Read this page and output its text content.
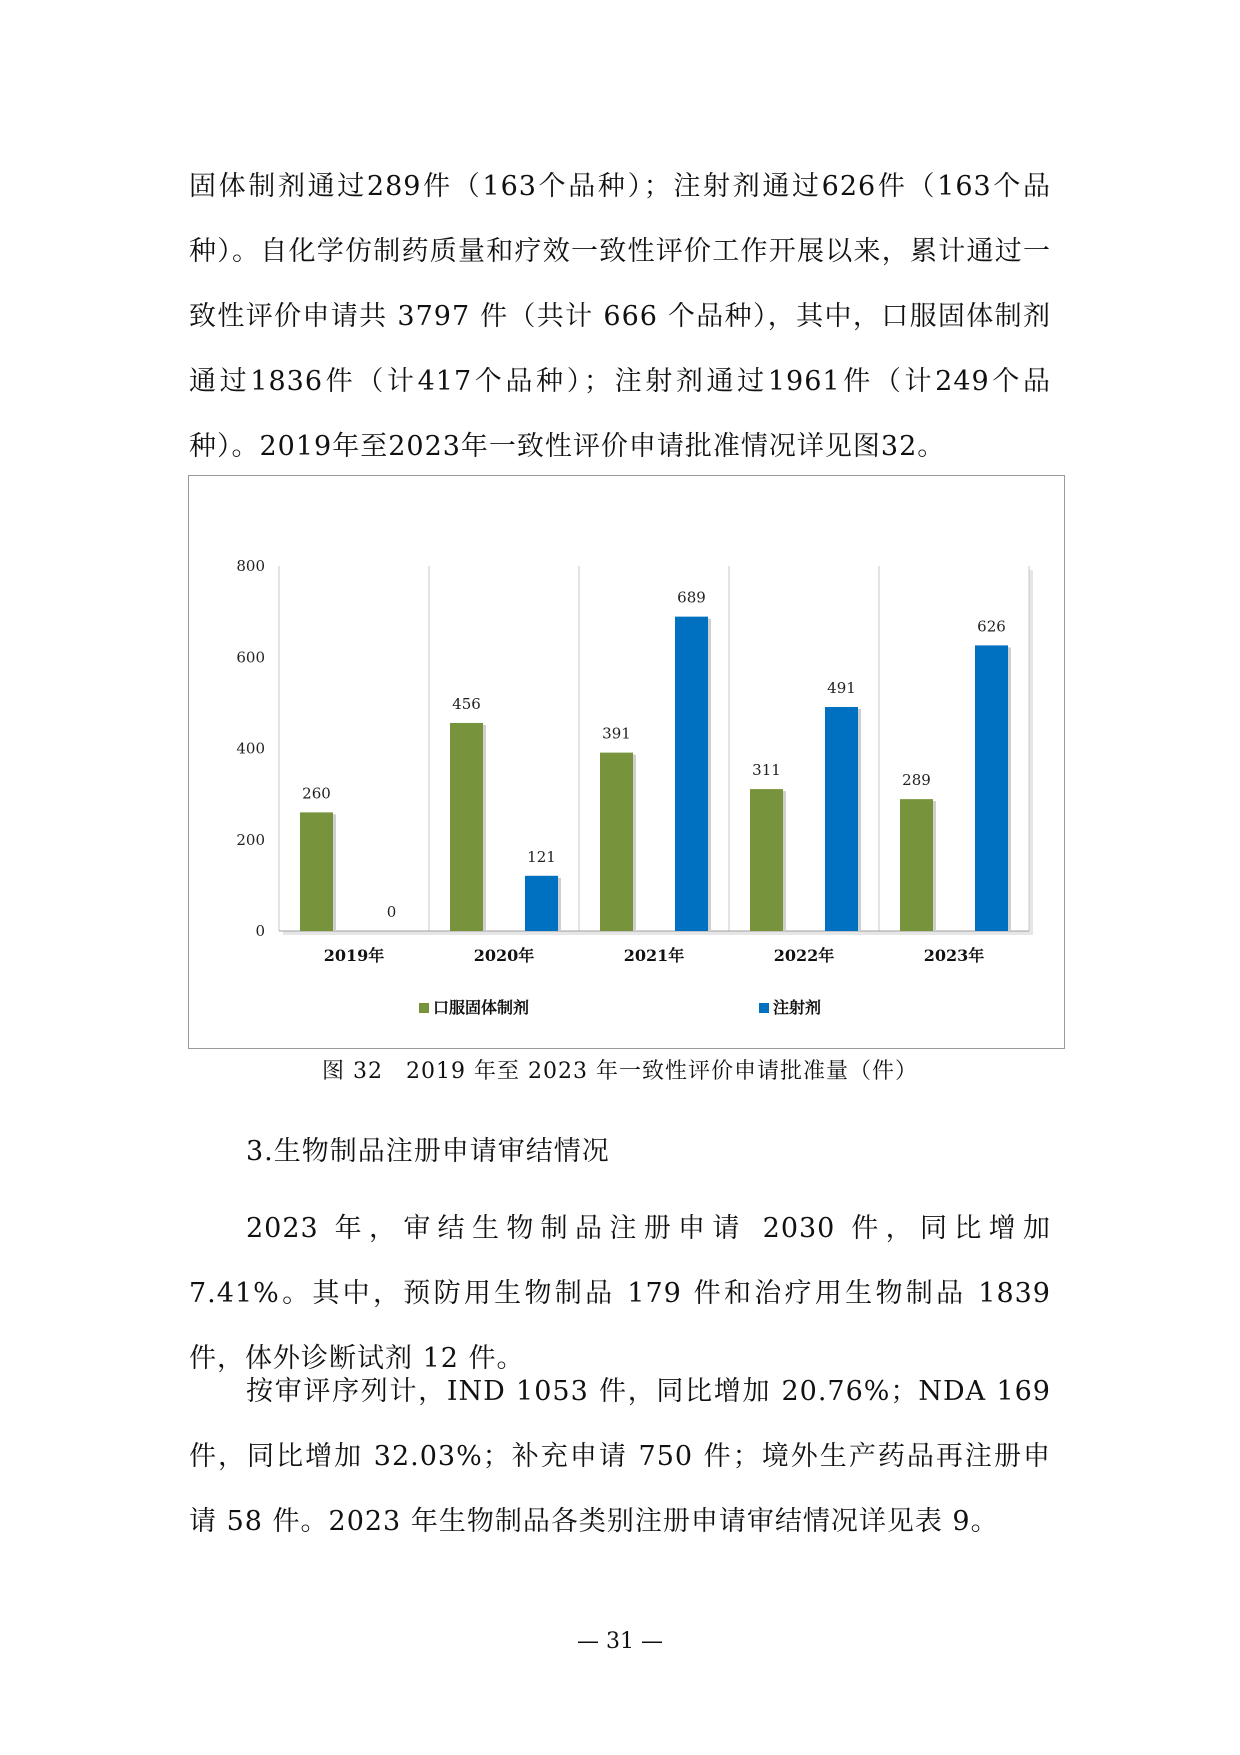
固体制剂通过289件（163个品种）；注射剂通过626件（163个品种）。自化学仿制药质量和疗效一致性评价工作开展以来，累计通过一致性评价申请共 3797 件（共计 666 个品种），其中，口服固体制剂通过1836件（计417个品种）；注射剂通过1961件（计249个品种）。2019年至2023年一致性评价申请批准情况详见图32。

0
200
400
600
800
260
0
2019年
456
121
2020年
391
689
2021年
311
491
2022年
289
626
2023年
口服固体制剂	注射剂

图 32　2019 年至 2023 年一致性评价申请批准量（件）

3.生物制品注册申请审结情况

2023 年，审结生物制品注册申请 2030 件，同比增加 7.41%。其中，预防用生物制品 179 件和治疗用生物制品 1839 件，体外诊断试剂 12 件。

按审评序列计，IND 1053 件，同比增加 20.76%；NDA 169 件，同比增加 32.03%；补充申请 750 件；境外生产药品再注册申请 58 件。2023 年生物制品各类别注册申请审结情况详见表 9。

— 31 —
